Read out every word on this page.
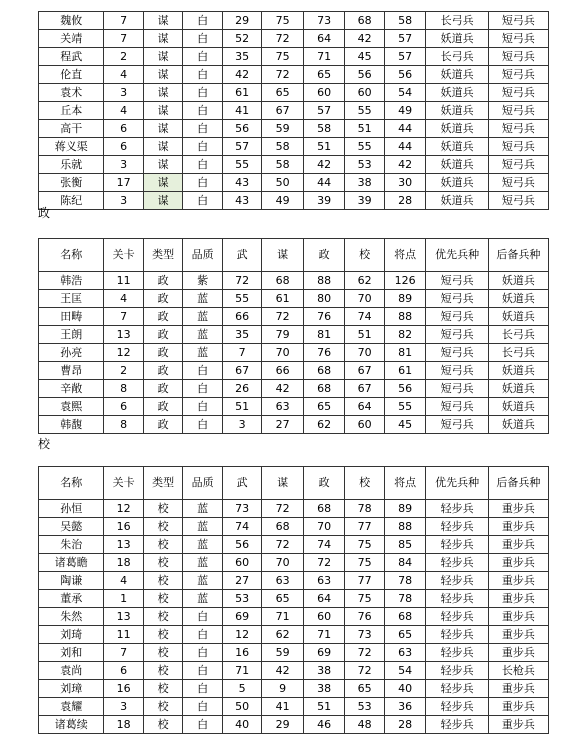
魏攸	7	谋	白	29	75	73	68	58	长弓兵	短弓兵
关靖	7	谋	白	52	72	64	42	57	妖道兵	短弓兵
程武	2	谋	白	35	75	71	45	57	长弓兵	短弓兵
伦直	4	谋	白	42	72	65	56	56	妖道兵	短弓兵
袁术	3	谋	白	61	65	60	60	54	妖道兵	短弓兵
丘本	4	谋	白	41	67	57	55	49	妖道兵	短弓兵
高干	6	谋	白	56	59	58	51	44	妖道兵	短弓兵
蒋义渠	6	谋	白	57	58	51	55	44	妖道兵	短弓兵
乐就	3	谋	白	55	58	42	53	42	妖道兵	短弓兵
张衡	17	谋	白	43	50	44	38	30	妖道兵	短弓兵
陈纪	3	谋	白	43	49	39	39	28	妖道兵	短弓兵
政
名称	关卡	类型	品质	武	谋	政	校	将点	优先兵种	后备兵种
韩浩	11	政	紫	72	68	88	62	126	短弓兵	妖道兵
王匡	4	政	蓝	55	61	80	70	89	短弓兵	妖道兵
田畴	7	政	蓝	66	72	76	74	88	短弓兵	妖道兵
王朗	13	政	蓝	35	79	81	51	82	短弓兵	长弓兵
孙亮	12	政	蓝	7	70	76	70	81	短弓兵	长弓兵
曹昂	2	政	白	67	66	68	67	61	短弓兵	妖道兵
辛敞	8	政	白	26	42	68	67	56	短弓兵	妖道兵
袁熙	6	政	白	51	63	65	64	55	短弓兵	妖道兵
韩馥	8	政	白	3	27	62	60	45	短弓兵	妖道兵
校
名称	关卡	类型	品质	武	谋	政	校	将点	优先兵种	后备兵种
孙恒	12	校	蓝	73	72	68	78	89	轻步兵	重步兵
吴懿	16	校	蓝	74	68	70	77	88	轻步兵	重步兵
朱治	13	校	蓝	56	72	74	75	85	轻步兵	重步兵
诸葛瞻	18	校	蓝	60	70	72	75	84	轻步兵	重步兵
陶谦	4	校	蓝	27	63	63	77	78	轻步兵	重步兵
董承	1	校	蓝	53	65	64	75	78	轻步兵	重步兵
朱然	13	校	白	69	71	60	76	68	轻步兵	重步兵
刘琦	11	校	白	12	62	71	73	65	轻步兵	重步兵
刘和	7	校	白	16	59	69	72	63	轻步兵	重步兵
袁尚	6	校	白	71	42	38	72	54	轻步兵	长枪兵
刘璋	16	校	白	5	9	38	65	40	轻步兵	重步兵
袁耀	3	校	白	50	41	51	53	36	轻步兵	重步兵
诸葛续	18	校	白	40	29	46	48	28	轻步兵	重步兵
